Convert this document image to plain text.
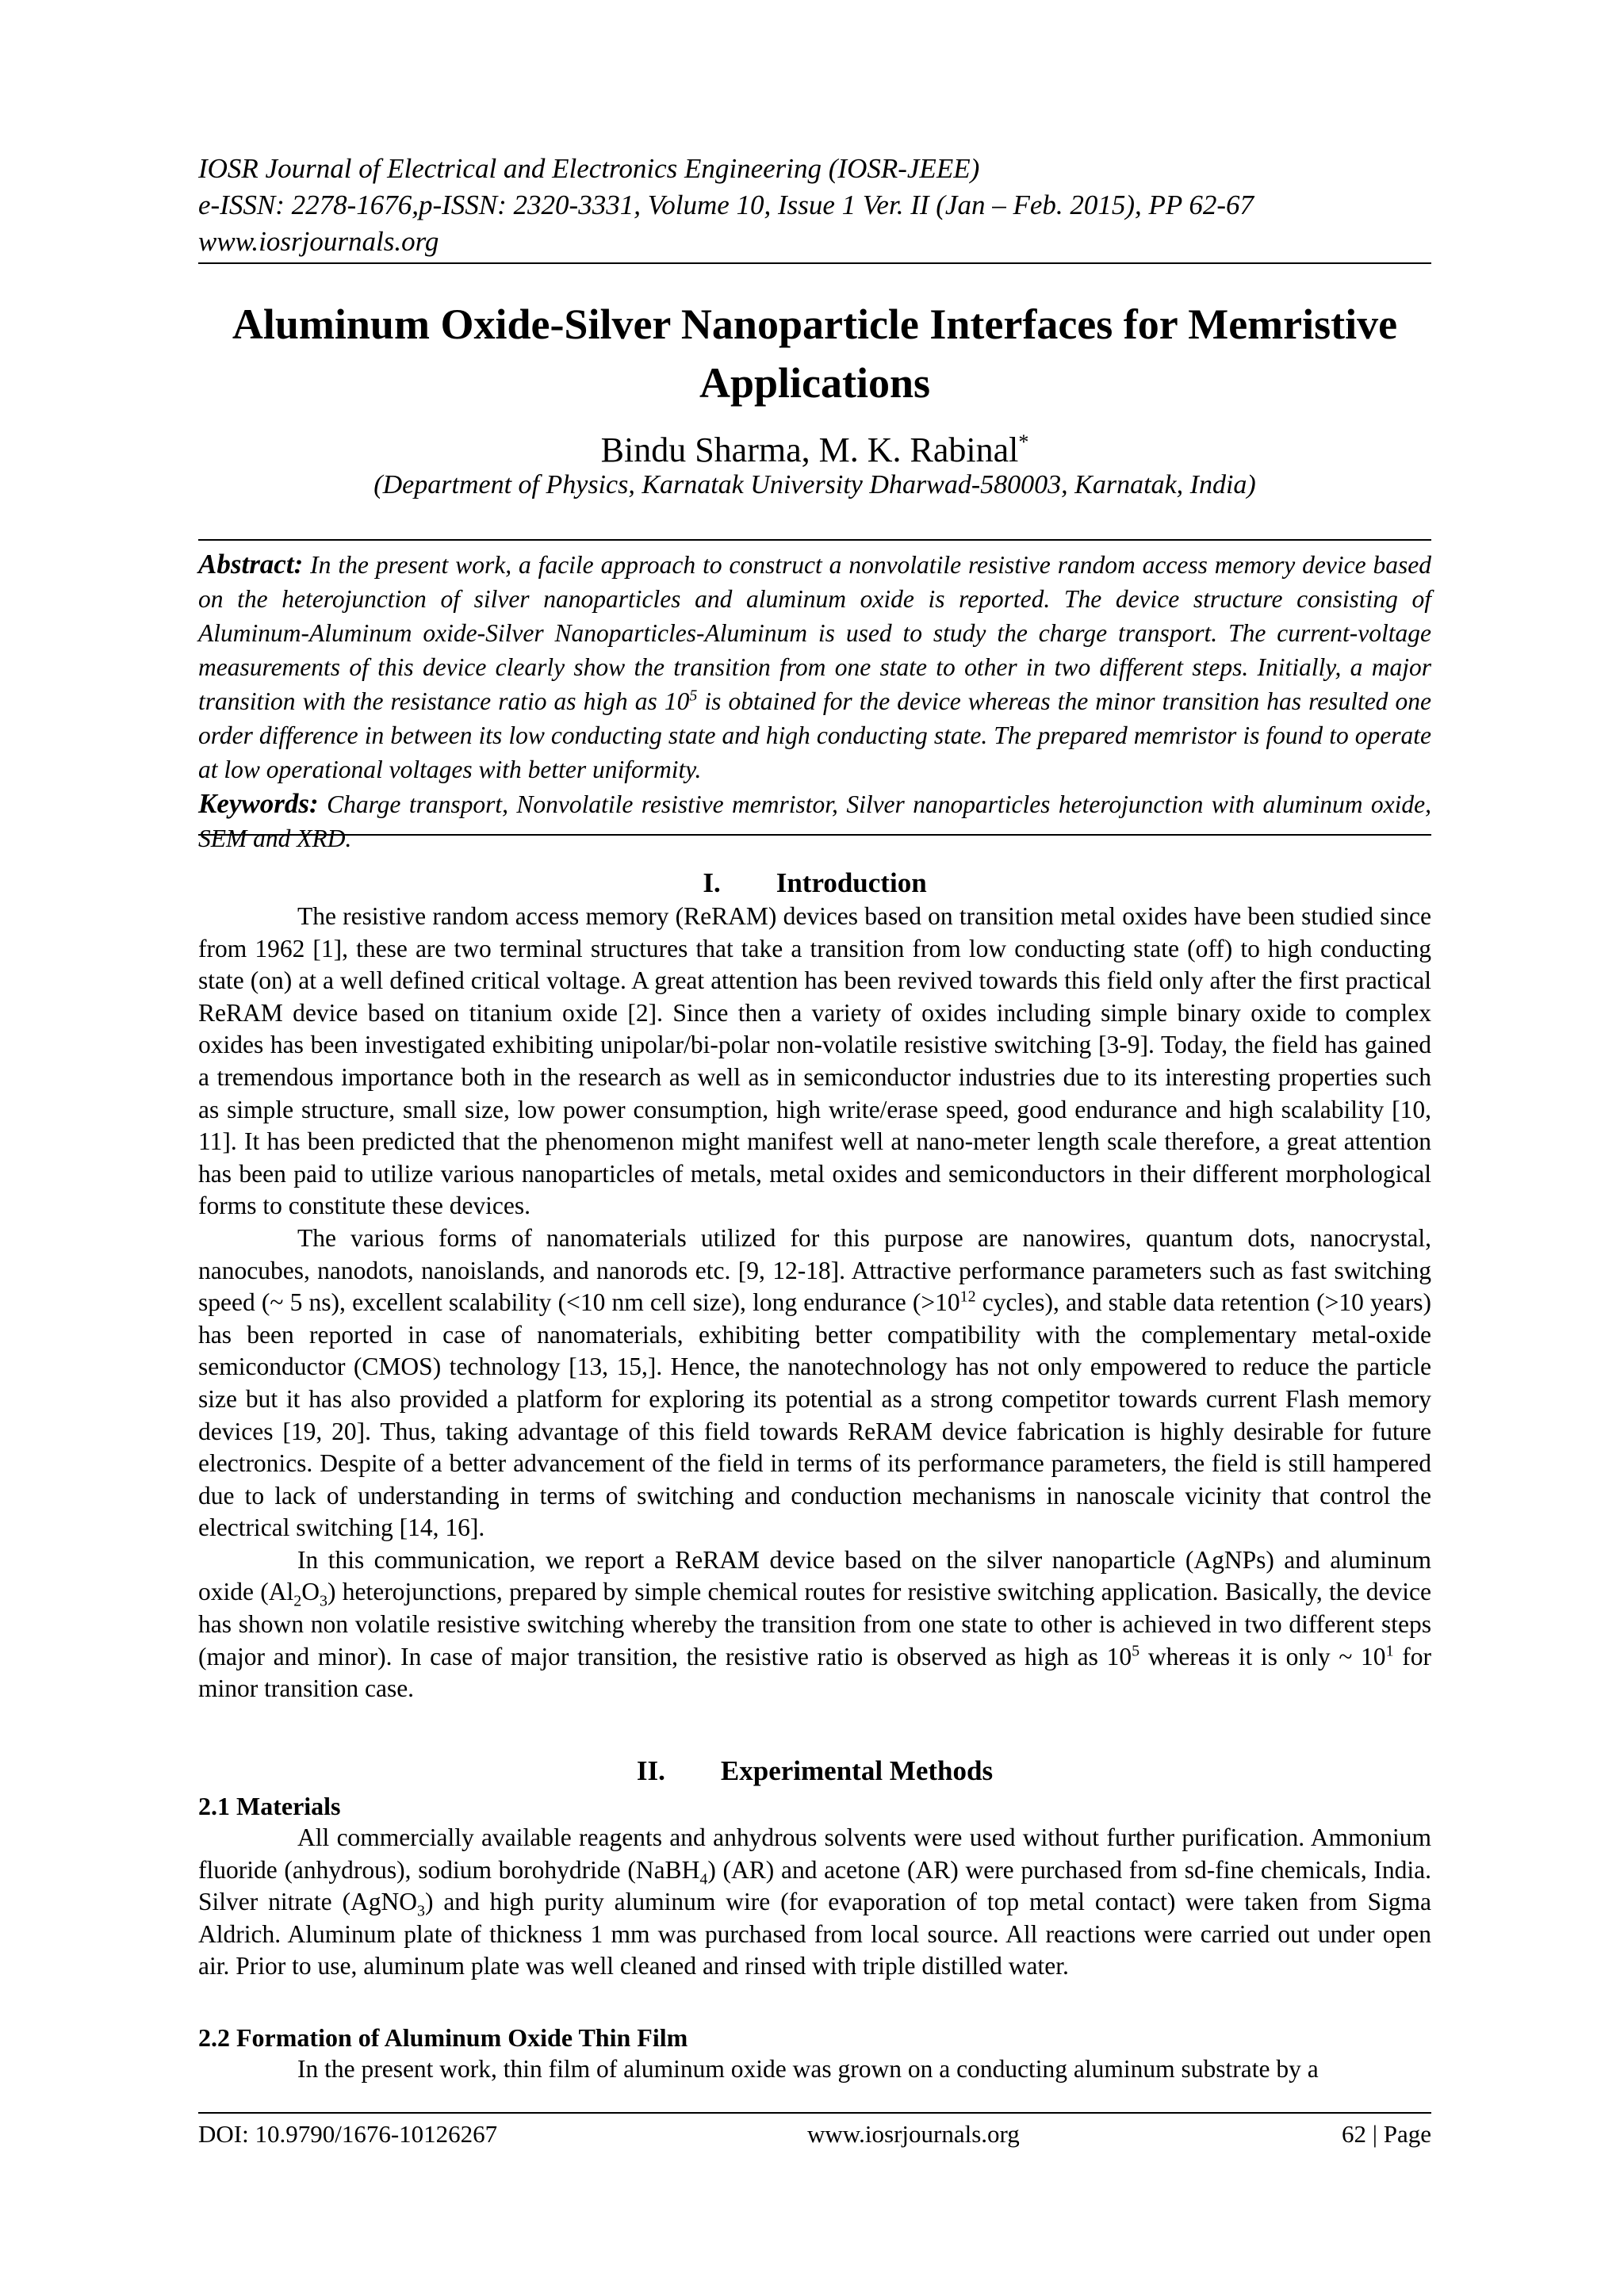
IOSR Journal of Electrical and Electronics Engineering (IOSR-JEEE)
e-ISSN: 2278-1676,p-ISSN: 2320-3331, Volume 10, Issue 1 Ver. II (Jan – Feb. 2015), PP 62-67
www.iosrjournals.org
Aluminum Oxide-Silver Nanoparticle Interfaces for Memristive Applications
Bindu Sharma, M. K. Rabinal*
(Department of Physics, Karnatak University Dharwad-580003, Karnatak, India)

Abstract: In the present work, a facile approach to construct a nonvolatile resistive random access memory device based on the heterojunction of silver nanoparticles and aluminum oxide is reported. The device structure consisting of Aluminum-Aluminum oxide-Silver Nanoparticles-Aluminum is used to study the charge transport. The current-voltage measurements of this device clearly show the transition from one state to other in two different steps. Initially, a major transition with the resistance ratio as high as $10^5$ is obtained for the device whereas the minor transition has resulted one order difference in between its low conducting state and high conducting state. The prepared memristor is found to operate at low operational voltages with better uniformity.

Keywords: Charge transport, Nonvolatile resistive memristor, Silver nanoparticles heterojunction with aluminum oxide, SEM and XRD.

I. Introduction

The resistive random access memory (ReRAM) devices based on transition metal oxides have been studied since from 1962 [1], these are two terminal structures that take a transition from low conducting state (off) to high conducting state (on) at a well defined critical voltage. A great attention has been revived towards this field only after the first practical ReRAM device based on titanium oxide [2]. Since then a variety of oxides including simple binary oxide to complex oxides has been investigated exhibiting unipolar/bi-polar non-volatile resistive switching [3-9]. Today, the field has gained a tremendous importance both in the research as well as in semiconductor industries due to its interesting properties such as simple structure, small size, low power consumption, high write/erase speed, good endurance and high scalability [10, 11]. It has been predicted that the phenomenon might manifest well at nano-meter length scale therefore, a great attention has been paid to utilize various nanoparticles of metals, metal oxides and semiconductors in their different morphological forms to constitute these devices.

The various forms of nanomaterials utilized for this purpose are nanowires, quantum dots, nanocrystal, nanocubes, nanodots, nanoislands, and nanorods etc. [9, 12-18]. Attractive performance parameters such as fast switching speed (~ 5 ns), excellent scalability (<10 nm cell size), long endurance ($>10^{12}$ cycles), and stable data retention (>10 years) has been reported in case of nanomaterials, exhibiting better compatibility with the complementary metal-oxide semiconductor (CMOS) technology [13, 15,]. Hence, the nanotechnology has not only empowered to reduce the particle size but it has also provided a platform for exploring its potential as a strong competitor towards current Flash memory devices [19, 20]. Thus, taking advantage of this field towards ReRAM device fabrication is highly desirable for future electronics. Despite of a better advancement of the field in terms of its performance parameters, the field is still hampered due to lack of understanding in terms of switching and conduction mechanisms in nanoscale vicinity that control the electrical switching [14, 16].

In this communication, we report a ReRAM device based on the silver nanoparticle (AgNPs) and aluminum oxide $(Al_2O_3)$ heterojunctions, prepared by simple chemical routes for resistive switching application. Basically, the device has shown non volatile resistive switching whereby the transition from one state to other is achieved in two different steps (major and minor). In case of major transition, the resistive ratio is observed as high as $10^5$ whereas it is only ~ $10^1$ for minor transition case.

II. Experimental Methods
2.1 Materials

All commercially available reagents and anhydrous solvents were used without further purification. Ammonium fluoride (anhydrous), sodium borohydride (NaBH$_4$) (AR) and acetone (AR) were purchased from sd-fine chemicals, India. Silver nitrate (AgNO$_3$) and high purity aluminum wire (for evaporation of top metal contact) were taken from Sigma Aldrich. Aluminum plate of thickness 1 mm was purchased from local source. All reactions were carried out under open air. Prior to use, aluminum plate was well cleaned and rinsed with triple distilled water.

2.2 Formation of Aluminum Oxide Thin Film

In the present work, thin film of aluminum oxide was grown on a conducting aluminum substrate by a

DOI: 10.9790/1676-10126267	www.iosrjournals.org	62 | Page
